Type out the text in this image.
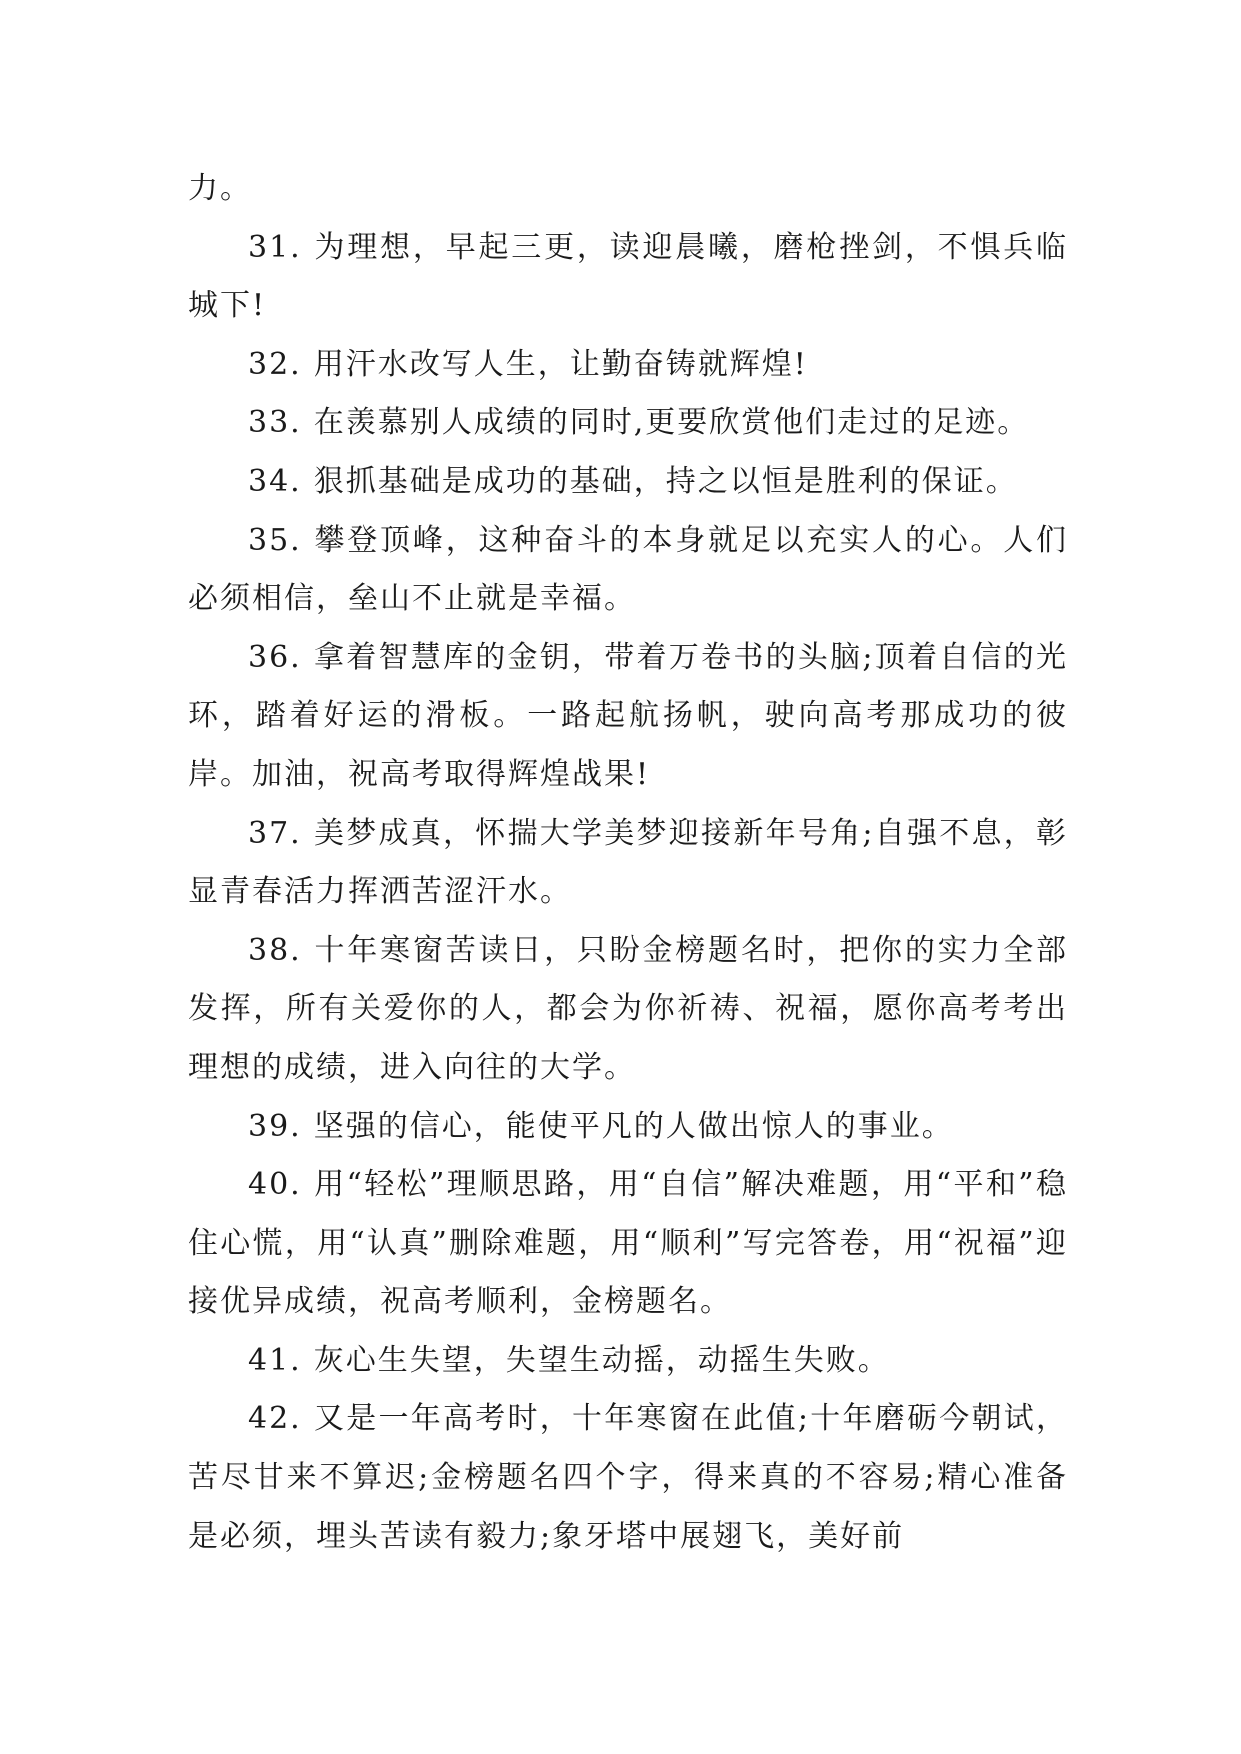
力。

31. 为理想，早起三更，读迎晨曦，磨枪挫剑，不惧兵临城下!

32. 用汗水改写人生，让勤奋铸就辉煌!

33. 在羡慕别人成绩的同时,更要欣赏他们走过的足迹。

34. 狠抓基础是成功的基础，持之以恒是胜利的保证。

35. 攀登顶峰，这种奋斗的本身就足以充实人的心。人们必须相信，垒山不止就是幸福。

36. 拿着智慧库的金钥，带着万卷书的头脑;顶着自信的光环，踏着好运的滑板。一路起航扬帆，驶向高考那成功的彼岸。加油，祝高考取得辉煌战果!

37. 美梦成真，怀揣大学美梦迎接新年号角;自强不息，彰显青春活力挥洒苦涩汗水。

38. 十年寒窗苦读日，只盼金榜题名时，把你的实力全部发挥，所有关爱你的人，都会为你祈祷、祝福，愿你高考考出理想的成绩，进入向往的大学。

39. 坚强的信心，能使平凡的人做出惊人的事业。

40. 用“轻松”理顺思路，用“自信”解决难题，用“平和”稳住心慌，用“认真”删除难题，用“顺利”写完答卷，用“祝福”迎接优异成绩，祝高考顺利，金榜题名。

41. 灰心生失望，失望生动摇，动摇生失败。

42. 又是一年高考时，十年寒窗在此值;十年磨砺今朝试，苦尽甘来不算迟;金榜题名四个字，得来真的不容易;精心准备是必须，埋头苦读有毅力;象牙塔中展翅飞，美好前
